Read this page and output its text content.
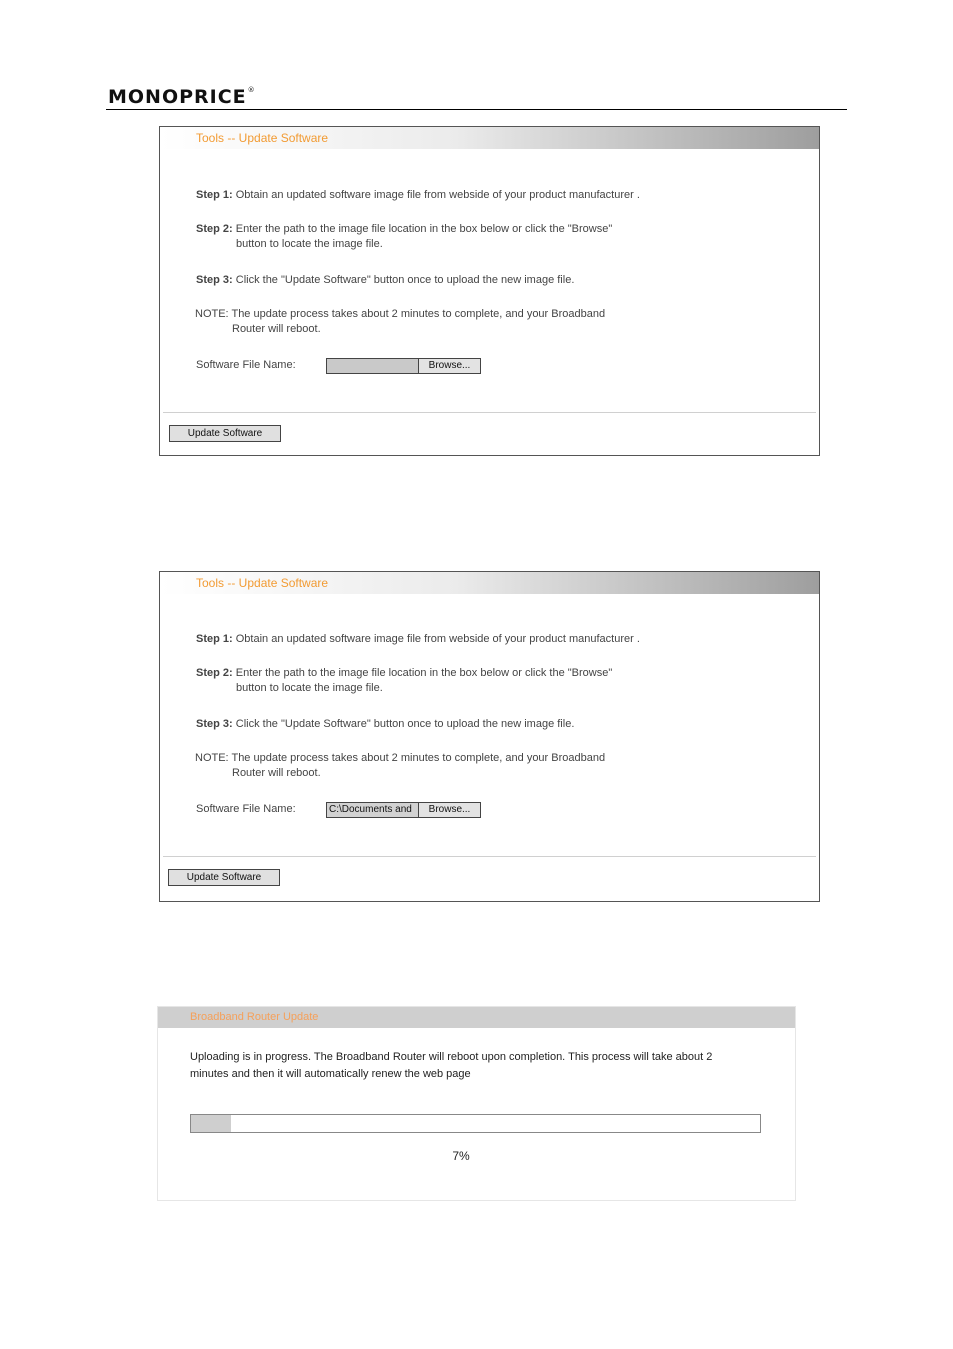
MONOPRICE®
Tools -- Update Software
Step 1: Obtain an updated software image file from webside of your product manufacturer .
Step 2: Enter the path to the image file location in the box below or click the "Browse"
button to locate the image file.
Step 3: Click the "Update Software" button once to upload the new image file.
NOTE: The update process takes about 2 minutes to complete, and your Broadband
Router will reboot.
Software File Name:	Browse...
Update Software
Tools -- Update Software
Step 1: Obtain an updated software image file from webside of your product manufacturer .
Step 2: Enter the path to the image file location in the box below or click the "Browse"
button to locate the image file.
Step 3: Click the "Update Software" button once to upload the new image file.
NOTE: The update process takes about 2 minutes to complete, and your Broadband
Router will reboot.
Software File Name:	C:\Documents and	Browse...
Update Software
Broadband Router Update
Uploading is in progress. The Broadband Router will reboot upon completion. This process will take about 2
minutes and then it will automatically renew the web page
7%
